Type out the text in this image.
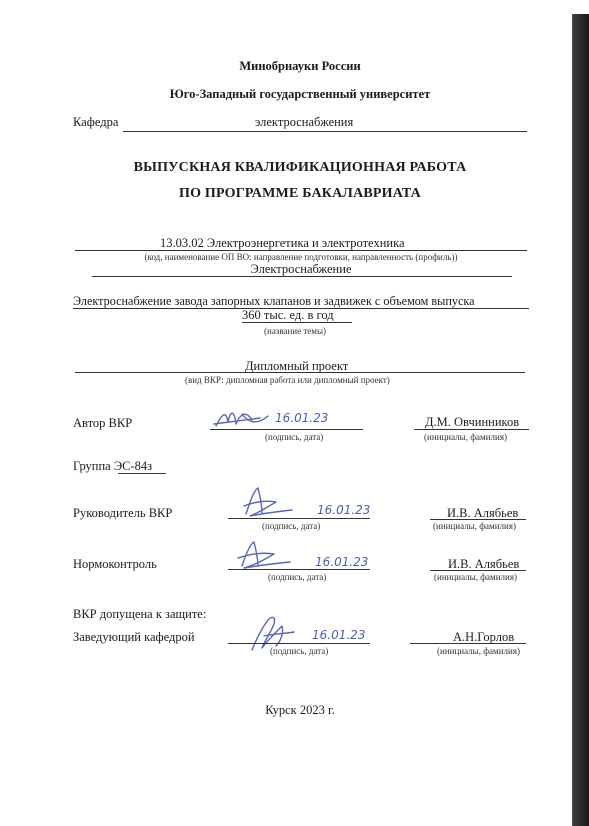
Минобрнауки России
Юго-Западный государственный университет
Кафедра	электроснабжения
ВЫПУСКНАЯ КВАЛИФИКАЦИОННАЯ РАБОТА
ПО ПРОГРАММЕ БАКАЛАВРИАТА
13.03.02 Электроэнергетика и электротехника
(код, наименование ОП ВО: направление подготовки, направленность (профиль))
Электроснабжение
Электроснабжение завода запорных клапанов и задвижек с объемом выпуска
360 тыс. ед. в год
(название темы)
Дипломный проект
(вид ВКР: дипломная работа или дипломный проект)
Автор ВКР	16.01.23
(подпись, дата)
Д.М. Овчинников
(инициалы, фамилия)
Группа ЭС-84з
Руководитель ВКР	16.01.23
(подпись, дата)
И.В. Алябьев
(инициалы, фамилия)
Нормоконтроль	16.01.23
(подпись, дата)
И.В. Алябьев
(инициалы, фамилия)
ВКР допущена к защите:
Заведующий кафедрой	16.01.23
(подпись, дата)
А.Н.Горлов
(инициалы, фамилия)
Курск 2023 г.
